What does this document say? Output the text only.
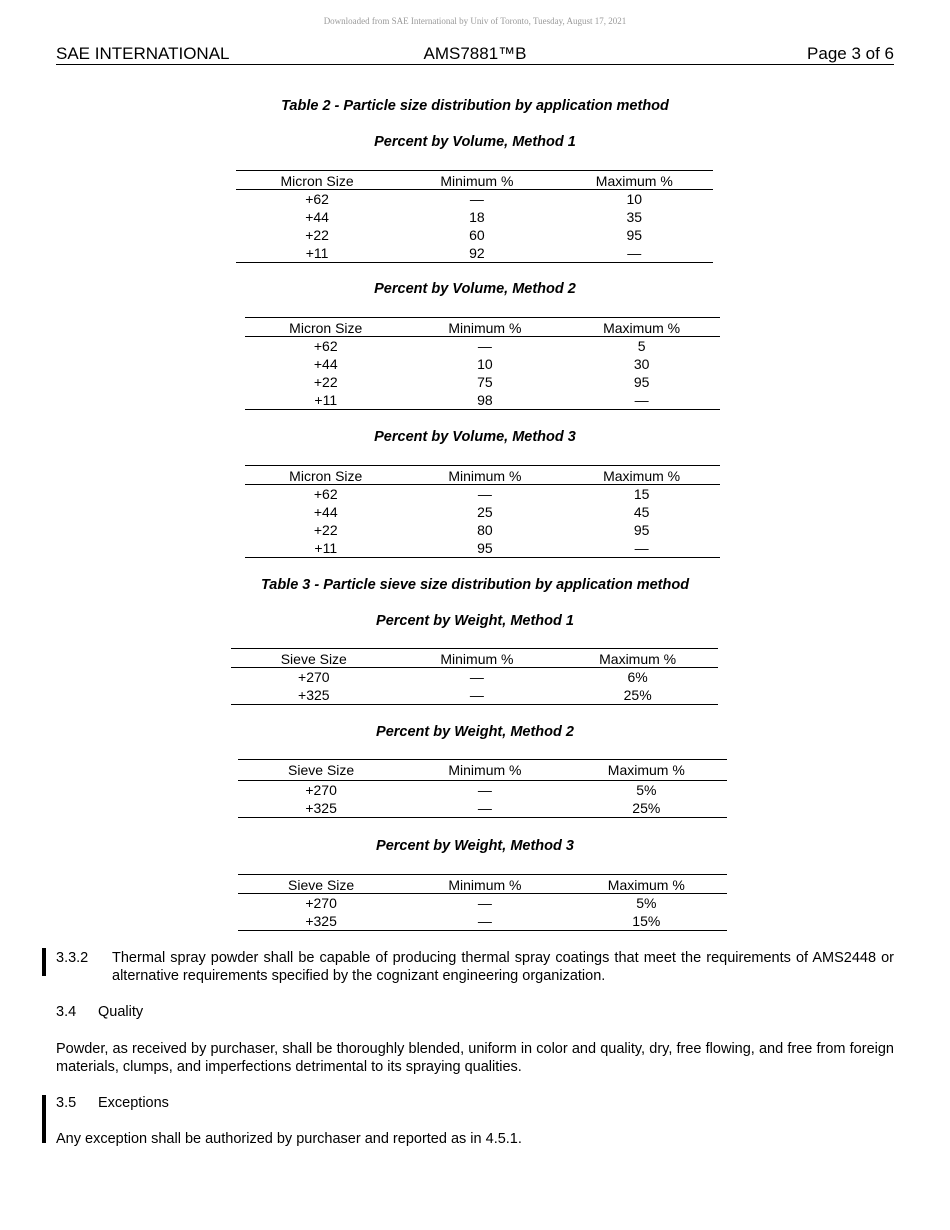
Downloaded from SAE International by Univ of Toronto, Tuesday, August 17, 2021
SAE INTERNATIONAL	AMS7881™B	Page 3 of 6
Table 2 - Particle size distribution by application method
Percent by Volume, Method 1
Micron Size	Minimum %	Maximum %
+62	—	10
+44	18	35
+22	60	95
+11	92	—
Percent by Volume, Method 2
Micron Size	Minimum %	Maximum %
+62	—	5
+44	10	30
+22	75	95
+11	98	—
Percent by Volume, Method 3
Micron Size	Minimum %	Maximum %
+62	—	15
+44	25	45
+22	80	95
+11	95	—
Table 3 - Particle sieve size distribution by application method
Percent by Weight, Method 1
Sieve Size	Minimum %	Maximum %
+270	—	6%
+325	—	25%
Percent by Weight, Method 2
Sieve Size	Minimum %	Maximum %
+270	—	5%
+325	—	25%
Percent by Weight, Method 3
Sieve Size	Minimum %	Maximum %
+270	—	5%
+325	—	15%
3.3.2 Thermal spray powder shall be capable of producing thermal spray coatings that meet the requirements of AMS2448 or alternative requirements specified by the cognizant engineering organization.
3.4 Quality
Powder, as received by purchaser, shall be thoroughly blended, uniform in color and quality, dry, free flowing, and free from foreign materials, clumps, and imperfections detrimental to its spraying qualities.
3.5 Exceptions
Any exception shall be authorized by purchaser and reported as in 4.5.1.
